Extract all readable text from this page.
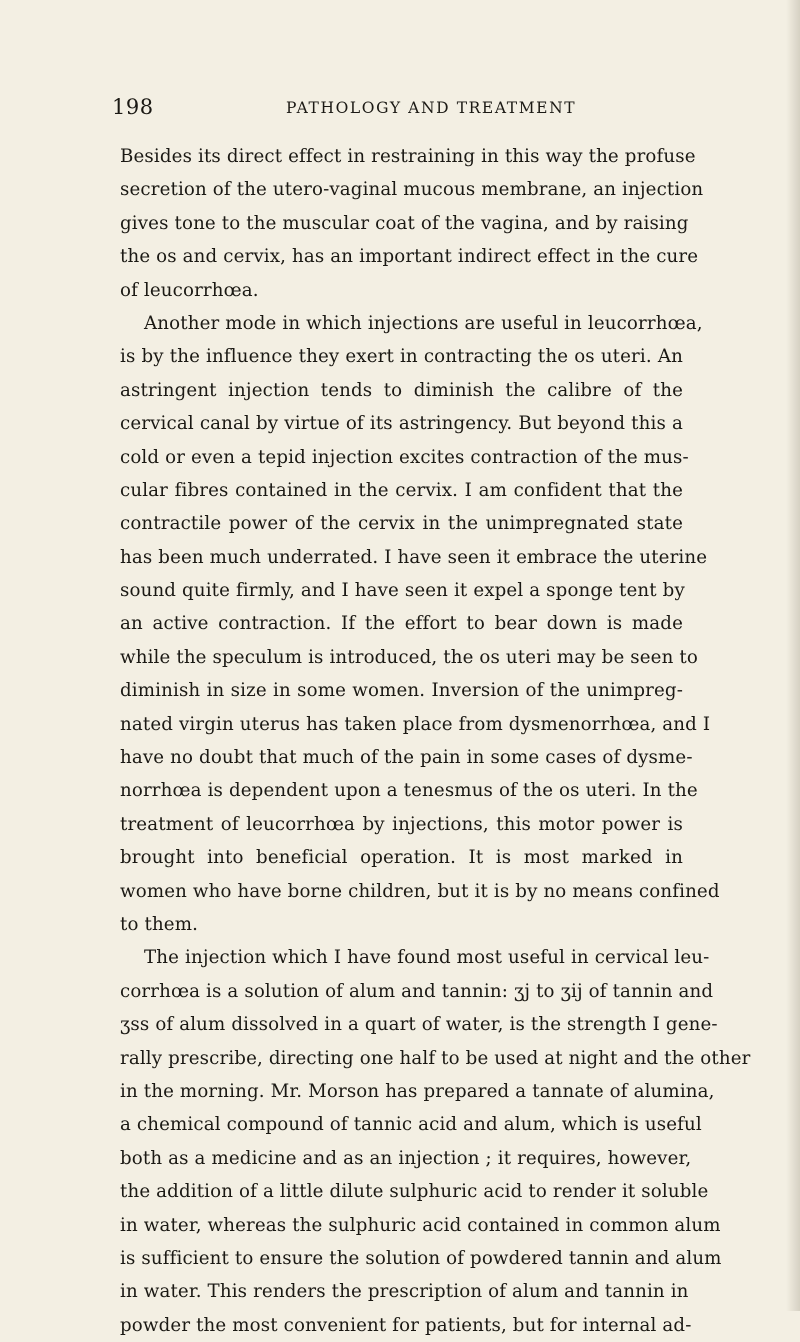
198	PATHOLOGY AND TREATMENT
Besides its direct effect in restraining in this way the profuse
secretion of the utero-vaginal mucous membrane, an injection
gives tone to the muscular coat of the vagina, and by raising
the os and cervix, has an important indirect effect in the cure
of leucorrhœa.
Another mode in which injections are useful in leucorrhœa,
is by the influence they exert in contracting the os uteri. An
astringent injection tends to diminish the calibre of the
cervical canal by virtue of its astringency. But beyond this a
cold or even a tepid injection excites contraction of the mus-
cular fibres contained in the cervix. I am confident that the
contractile power of the cervix in the unimpregnated state
has been much underrated. I have seen it embrace the uterine
sound quite firmly, and I have seen it expel a sponge tent by
an active contraction. If the effort to bear down is made
while the speculum is introduced, the os uteri may be seen to
diminish in size in some women. Inversion of the unimpreg-
nated virgin uterus has taken place from dysmenorrhœa, and I
have no doubt that much of the pain in some cases of dysme-
norrhœa is dependent upon a tenesmus of the os uteri. In the
treatment of leucorrhœa by injections, this motor power is
brought into beneficial operation. It is most marked in
women who have borne children, but it is by no means confined
to them.
The injection which I have found most useful in cervical leu-
corrhœa is a solution of alum and tannin: ʒj to ʒij of tannin and
ʒss of alum dissolved in a quart of water, is the strength I gene-
rally prescribe, directing one half to be used at night and the other
in the morning. Mr. Morson has prepared a tannate of alumina,
a chemical compound of tannic acid and alum, which is useful
both as a medicine and as an injection ; it requires, however,
the addition of a little dilute sulphuric acid to render it soluble
in water, whereas the sulphuric acid contained in common alum
is sufficient to ensure the solution of powdered tannin and alum
in water. This renders the prescription of alum and tannin in
powder the most convenient for patients, but for internal ad-
